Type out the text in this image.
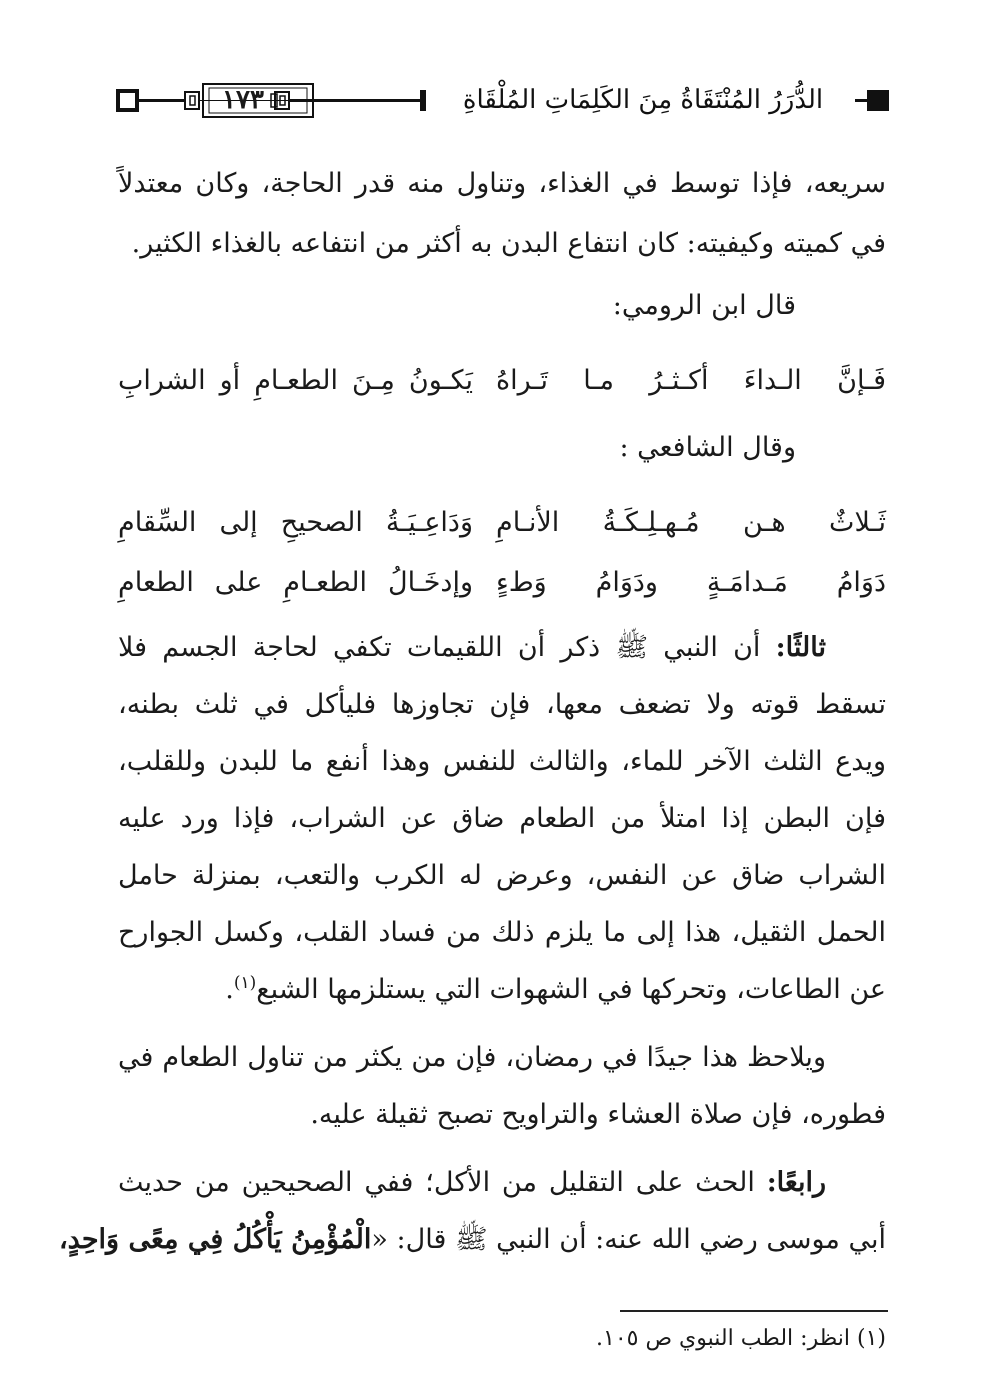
١٧٣	الدُّرَرُ المُنْتَقَاةُ مِنَ الكَلِمَاتِ المُلْقَاةِ
سريعه، فإذا توسط في الغذاء، وتناول منه قدر الحاجة، وكان معتدلاً
في كميته وكيفيته: كان انتفاع البدن به أكثر من انتفاعه بالغذاء الكثير.
قال ابن الرومي:
فَـإنَّ الـداءَ أكـثـرُ مـا تَـراهُ
يَكـونُ مِـنَ الطعـامِ أو الشرابِ
وقال الشافعي :
ثَـلاثٌ هـن مُـهـلِـكَـةُ الأنـامِ
وَدَاعِـيَـةُ الصحيحِ إلى السِّقامِ
دَوَامُ مَـدامَـةٍ ودَوَامُ وَطءٍ
وإدخَـالُ الطعـامِ على الطعامِ
ثالثًا: أن النبي ﷺ ذكر أن اللقيمات تكفي لحاجة الجسم فلا
تسقط قوته ولا تضعف معها، فإن تجاوزها فليأكل في ثلث بطنه،
ويدع الثلث الآخر للماء، والثالث للنفس وهذا أنفع ما للبدن وللقلب،
فإن البطن إذا امتلأ من الطعام ضاق عن الشراب، فإذا ورد عليه
الشراب ضاق عن النفس، وعرض له الكرب والتعب، بمنزلة حامل
الحمل الثقيل، هذا إلى ما يلزم ذلك من فساد القلب، وكسل الجوارح
عن الطاعات، وتحركها في الشهوات التي يستلزمها الشبع$^{(١)}$.
ويلاحظ هذا جيدًا في رمضان، فإن من يكثر من تناول الطعام في
فطوره، فإن صلاة العشاء والتراويح تصبح ثقيلة عليه.
رابعًا: الحث على التقليل من الأكل؛ ففي الصحيحين من حديث
أبي موسى رضي الله عنه: أن النبي ﷺ قال: «الْمُؤْمِنُ يَأْكُلُ فِي مِعًى وَاحِدٍ،
(١) انظر: الطب النبوي ص ١٠٥.
